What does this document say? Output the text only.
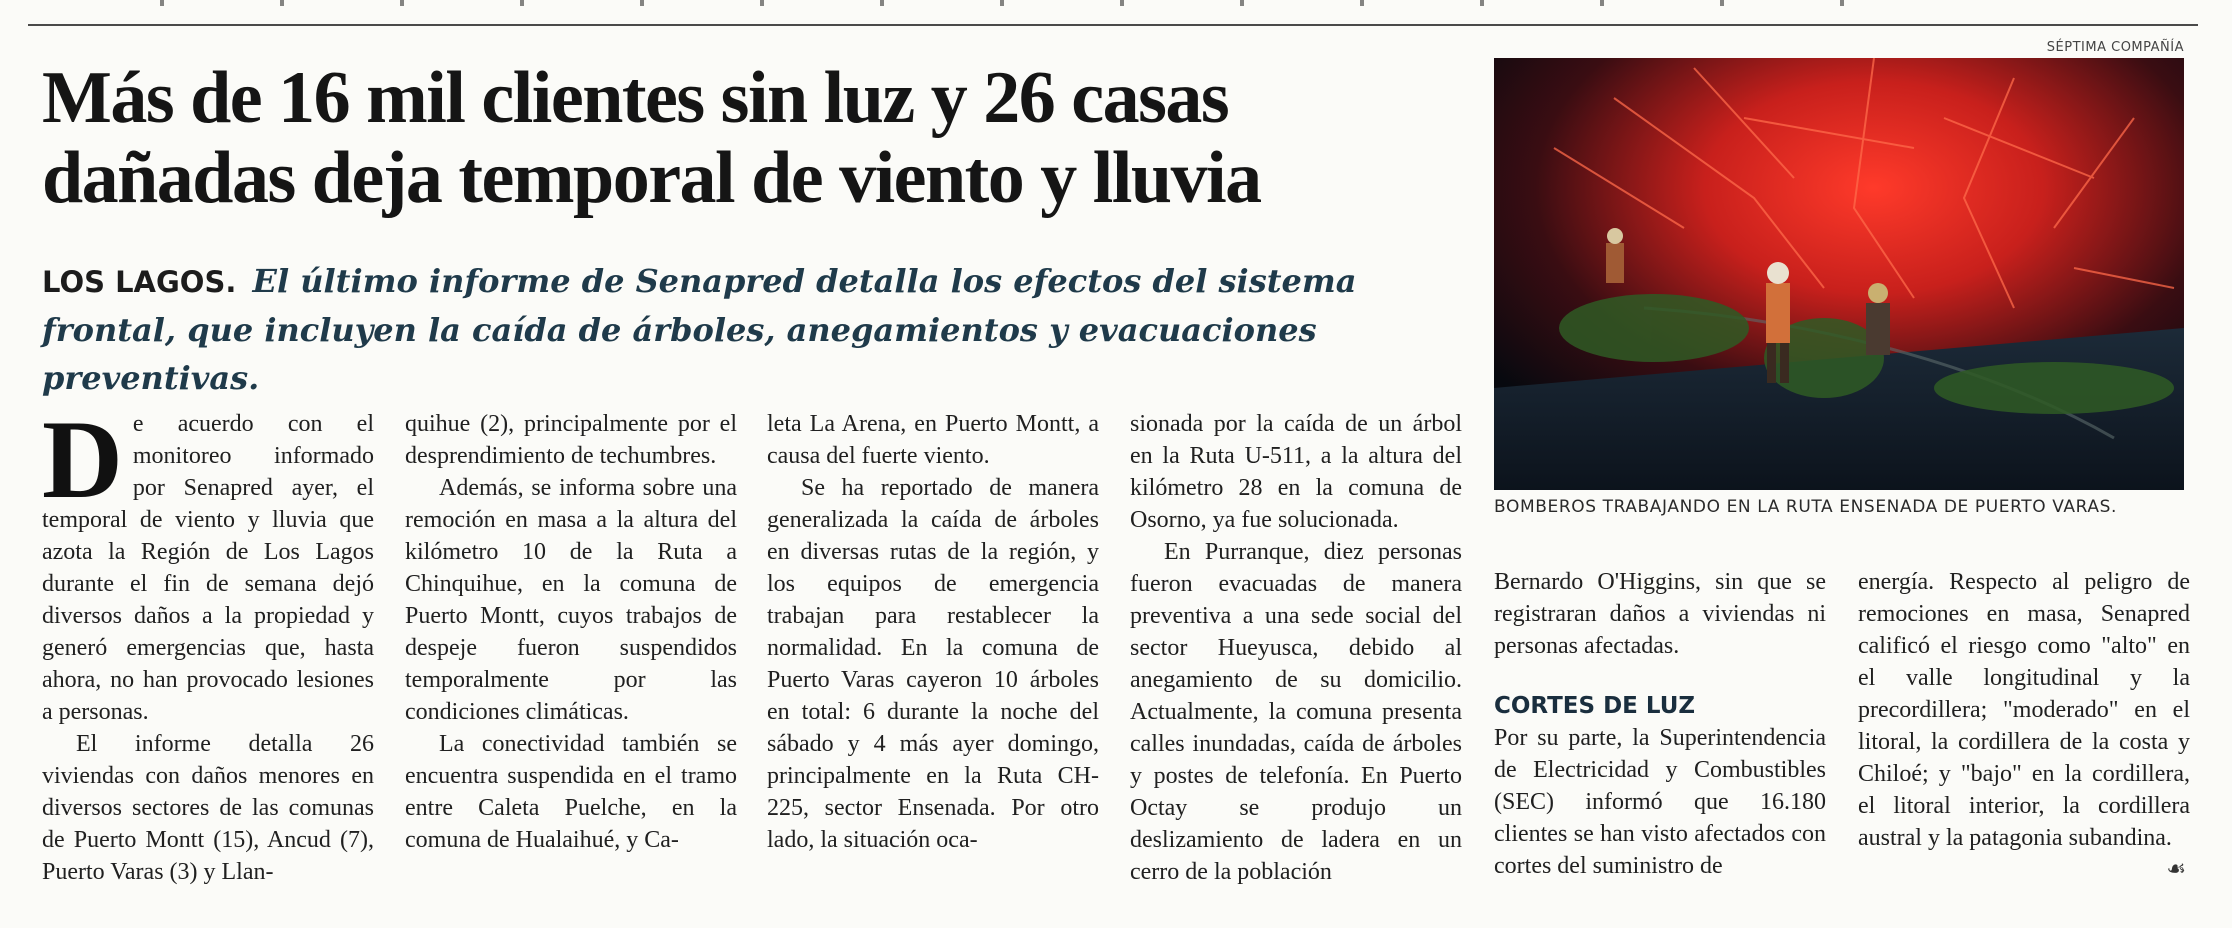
Más de 16 mil clientes sin luz y 26 casas
dañadas deja temporal de viento y lluvia
LOS LAGOS. El último informe de Senapred detalla los efectos del sistema frontal, que incluyen la caída de árboles, anegamientos y evacuaciones preventivas.
D e acuerdo con el monitoreo informado por Senapred ayer, el temporal de viento y lluvia que azota la Región de Los Lagos durante el fin de semana dejó diversos daños a la propiedad y generó emergencias que, hasta ahora, no han provocado lesiones a personas.

El informe detalla 26 viviendas con daños menores en diversos sectores de las comunas de Puerto Montt (15), Ancud (7), Puerto Varas (3) y Llan-

quihue (2), principalmente por el desprendimiento de techumbres.

Además, se informa sobre una remoción en masa a la altura del kilómetro 10 de la Ruta a Chinquihue, en la comuna de Puerto Montt, cuyos trabajos de despeje fueron suspendidos temporalmente por las condiciones climáticas.

La conectividad también se encuentra suspendida en el tramo entre Caleta Puelche, en la comuna de Hualaihué, y Ca-

leta La Arena, en Puerto Montt, a causa del fuerte viento.

Se ha reportado de manera generalizada la caída de árboles en diversas rutas de la región, y los equipos de emergencia trabajan para restablecer la normalidad. En la comuna de Puerto Varas cayeron 10 árboles en total: 6 durante la noche del sábado y 4 más ayer domingo, principalmente en la Ruta CH-225, sector Ensenada. Por otro lado, la situación oca-

sionada por la caída de un árbol en la Ruta U-511, a la altura del kilómetro 28 en la comuna de Osorno, ya fue solucionada.

En Purranque, diez personas fueron evacuadas de manera preventiva a una sede social del sector Hueyusca, debido al anegamiento de su domicilio. Actualmente, la comuna presenta calles inundadas, caída de árboles y postes de telefonía. En Puerto Octay se produjo un deslizamiento de ladera en un cerro de la población

Bernardo O'Higgins, sin que se registraran daños a viviendas ni personas afectadas.

CORTES DE LUZ

Por su parte, la Superintendencia de Electricidad y Combustibles (SEC) informó que 16.180 clientes se han visto afectados con cortes del suministro de

energía. Respecto al peligro de remociones en masa, Senapred calificó el riesgo como "alto" en el valle longitudinal y la precordillera; "moderado" en el litoral, la cordillera de la costa y Chiloé; y "bajo" en la cordillera, el litoral interior, la cordillera austral y la patagonia subandina.

☙
SÉPTIMA COMPAÑÍA
BOMBEROS TRABAJANDO EN LA RUTA ENSENADA DE PUERTO VARAS.
